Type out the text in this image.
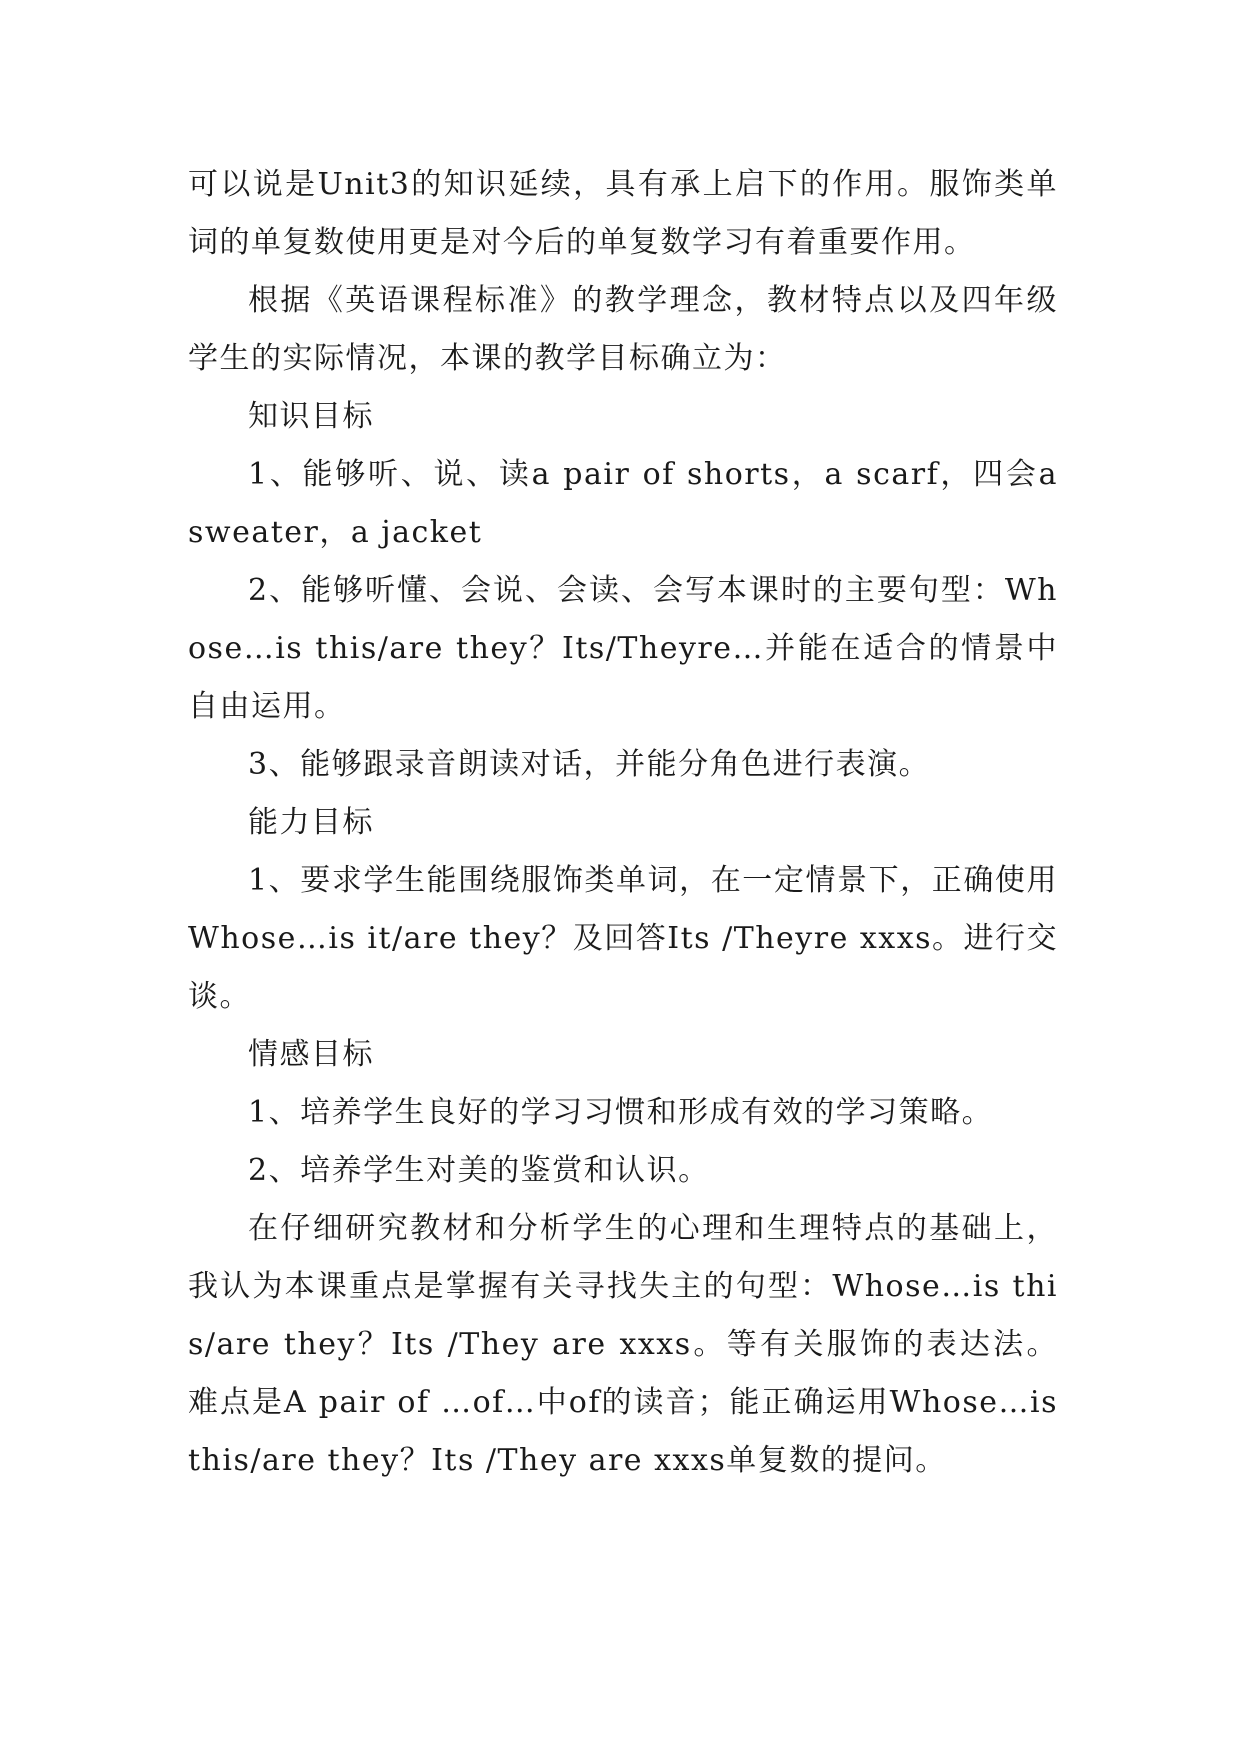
可以说是Unit3的知识延续，具有承上启下的作用。服饰类单词的单复数使用更是对今后的单复数学习有着重要作用。

根据《英语课程标准》的教学理念，教材特点以及四年级学生的实际情况，本课的教学目标确立为：

知识目标

1、能够听、说、读a pair of shorts，a scarf，四会a sweater，a jacket

2、能够听懂、会说、会读、会写本课时的主要句型：Whose…is this/are they？Its/Theyre…并能在适合的情景中自由运用。

3、能够跟录音朗读对话，并能分角色进行表演。

能力目标

1、要求学生能围绕服饰类单词，在一定情景下，正确使用Whose…is it/are they？及回答Its /Theyre xxxs。进行交谈。

情感目标

1、培养学生良好的学习习惯和形成有效的学习策略。

2、培养学生对美的鉴赏和认识。

在仔细研究教材和分析学生的心理和生理特点的基础上，我认为本课重点是掌握有关寻找失主的句型：Whose…is this/are they？Its /They are xxxs。等有关服饰的表达法。难点是A pair of …of…中of的读音；能正确运用Whose…is this/are they？Its /They are xxxs单复数的提问。
